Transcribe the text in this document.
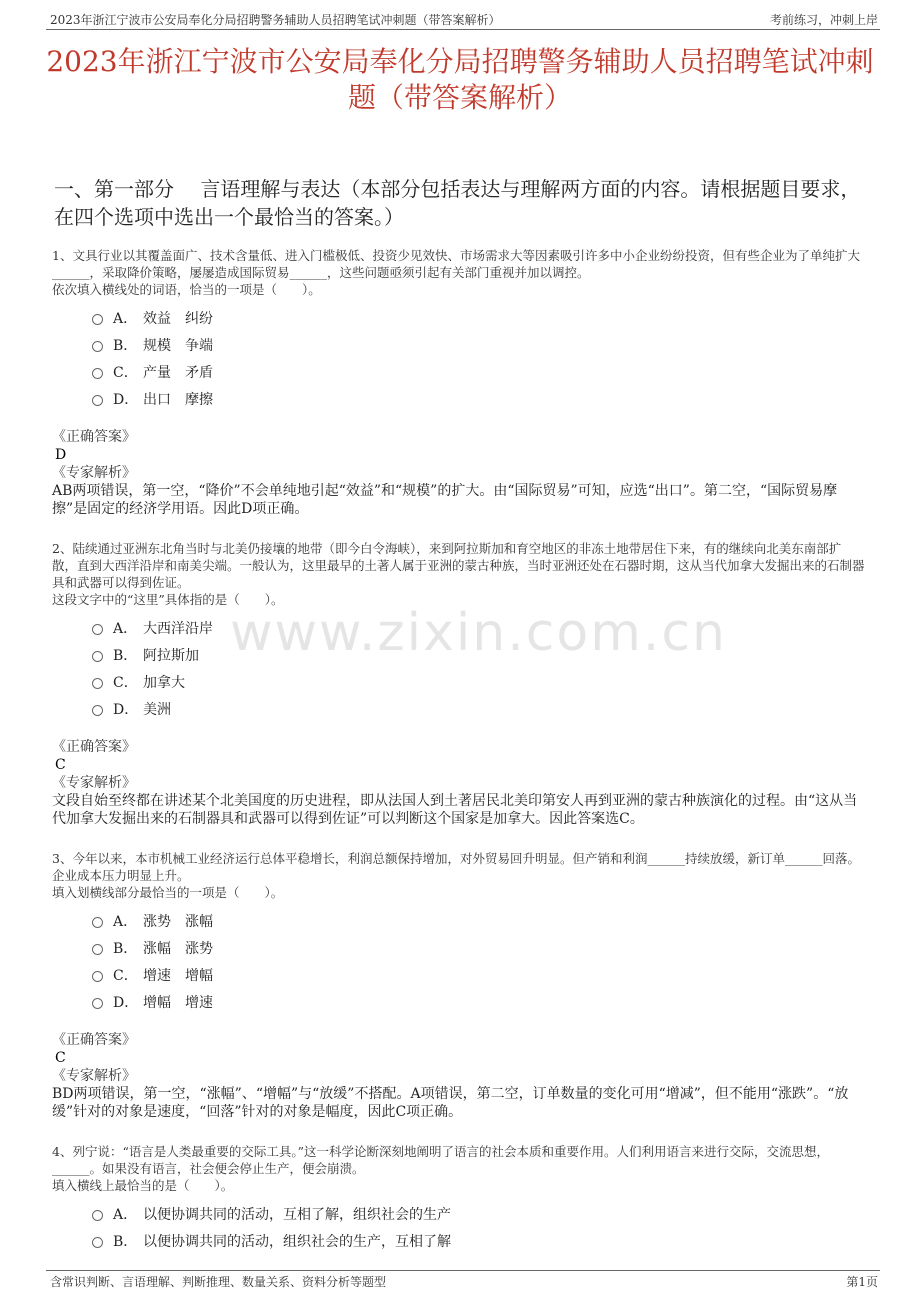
2023年浙江宁波市公安局奉化分局招聘警务辅助人员招聘笔试冲刺题（带答案解析）	考前练习，冲刺上岸
2023年浙江宁波市公安局奉化分局招聘警务辅助人员招聘笔试冲刺题（带答案解析）
一、第一部分　 言语理解与表达（本部分包括表达与理解两方面的内容。请根据题目要求，在四个选项中选出一个最恰当的答案。）
www.zixin.com.cn
1、文具行业以其覆盖面广、技术含量低、进入门槛极低、投资少见效快、市场需求大等因素吸引许多中小企业纷纷投资，但有些企业为了单纯扩大______，采取降价策略，屡屡造成国际贸易______，这些问题亟须引起有关部门重视并加以调控。
依次填入横线处的词语，恰当的一项是（　　）。
A． 效益　纠纷
B． 规模　争端
C． 产量　矛盾
D． 出口　摩擦
《正确答案》
D
《专家解析》
AB两项错误，第一空，“降价”不会单纯地引起“效益”和“规模”的扩大。由“国际贸易”可知，应选“出口”。第二空，“国际贸易摩擦”是固定的经济学用语。因此D项正确。
2、陆续通过亚洲东北角当时与北美仍接壤的地带（即今白令海峡），来到阿拉斯加和育空地区的非冻土地带居住下来，有的继续向北美东南部扩散，直到大西洋沿岸和南美尖端。一般认为，这里最早的土著人属于亚洲的蒙古种族，当时亚洲还处在石器时期，这从当代加拿大发掘出来的石制器具和武器可以得到佐证。
这段文字中的“这里”具体指的是（　　）。
A． 大西洋沿岸
B． 阿拉斯加
C． 加拿大
D． 美洲
《正确答案》
C
《专家解析》
文段自始至终都在讲述某个北美国度的历史进程，即从法国人到土著居民北美印第安人再到亚洲的蒙古种族演化的过程。由“这从当代加拿大发掘出来的石制器具和武器可以得到佐证”可以判断这个国家是加拿大。因此答案选C。
3、今年以来，本市机械工业经济运行总体平稳增长，利润总额保持增加，对外贸易回升明显。但产销和利润______持续放缓，新订单______回落。企业成本压力明显上升。
填入划横线部分最恰当的一项是（　　）。
A． 涨势　涨幅
B． 涨幅　涨势
C． 增速　增幅
D． 增幅　增速
《正确答案》
C
《专家解析》
BD两项错误，第一空，“涨幅”、“增幅”与“放缓”不搭配。A项错误，第二空，订单数量的变化可用“增减”，但不能用“涨跌”。“放缓”针对的对象是速度，“回落”针对的对象是幅度，因此C项正确。
4、列宁说：“语言是人类最重要的交际工具。”这一科学论断深刻地阐明了语言的社会本质和重要作用。人们利用语言来进行交际，交流思想，______。如果没有语言，社会便会停止生产，便会崩溃。
填入横线上最恰当的是（　　）。
A． 以便协调共同的活动，互相了解，组织社会的生产
B． 以便协调共同的活动，组织社会的生产，互相了解
含常识判断、言语理解、判断推理、数量关系、资料分析等题型	第1页
